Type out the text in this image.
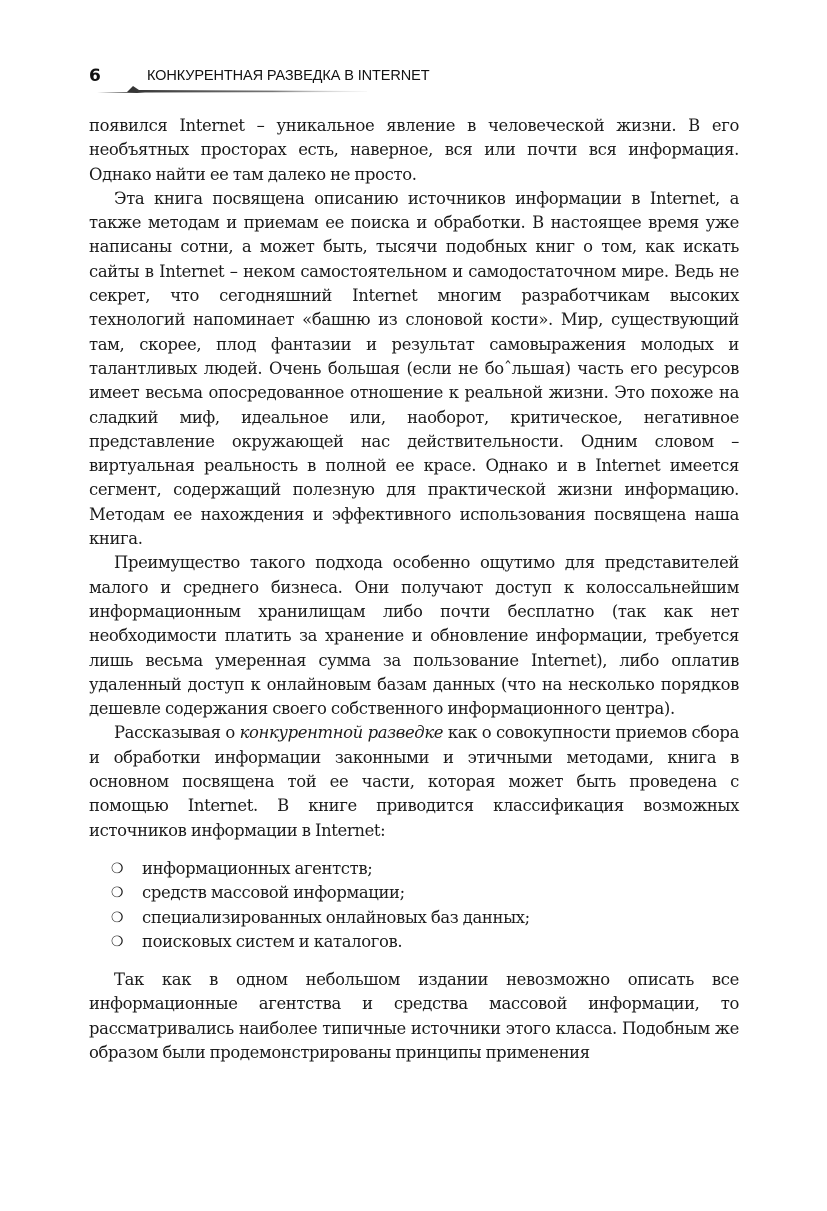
6	КОНКУРЕНТНАЯ РАЗВЕДКА В INTERNET

появился Internet – уникальное явление в человеческой жизни. В его необъятных просторах есть, наверное, вся или почти вся информация. Однако найти ее там далеко не просто.

Эта книга посвящена описанию источников информации в Internet, а также методам и приемам ее поиска и обработки. В настоящее время уже написаны сотни, а может быть, тысячи подобных книг о том, как искать сайты в Internet – неком самостоятельном и самодостаточном мире. Ведь не секрет, что сегодняшний Internet многим разработчикам высоких технологий напоминает «башню из слоновой кости». Мир, существующий там, скорее, плод фантазии и результат самовыражения молодых и талантливых людей. Очень большая (если не боˆльшая) часть его ресурсов имеет весьма опосредованное отношение к реальной жизни. Это похоже на сладкий миф, идеальное или, наоборот, критическое, негативное представление окружающей нас действительности. Одним словом – виртуальная реальность в полной ее красе. Однако и в Internet имеется сегмент, содержащий полезную для практической жизни информацию. Методам ее нахождения и эффективного использования посвящена наша книга.

Преимущество такого подхода особенно ощутимо для представителей малого и среднего бизнеса. Они получают доступ к колоссальнейшим информационным хранилищам либо почти бесплатно (так как нет необходимости платить за хранение и обновление информации, требуется лишь весьма умеренная сумма за пользование Internet), либо оплатив удаленный доступ к онлайновым базам данных (что на несколько порядков дешевле содержания своего собственного информационного центра).

Рассказывая о конкурентной разведке как о совокупности приемов сбора и обработки информации законными и этичными методами, книга в основном посвящена той ее части, которая может быть проведена с помощью Internet. В книге приводится классификация возможных источников информации в Internet:

❍ информационных агентств;
❍ средств массовой информации;
❍ специализированных онлайновых баз данных;
❍ поисковых систем и каталогов.

Так как в одном небольшом издании невозможно описать все информационные агентства и средства массовой информации, то рассматривались наиболее типичные источники этого класса. Подобным же образом были продемонстрированы принципы применения
